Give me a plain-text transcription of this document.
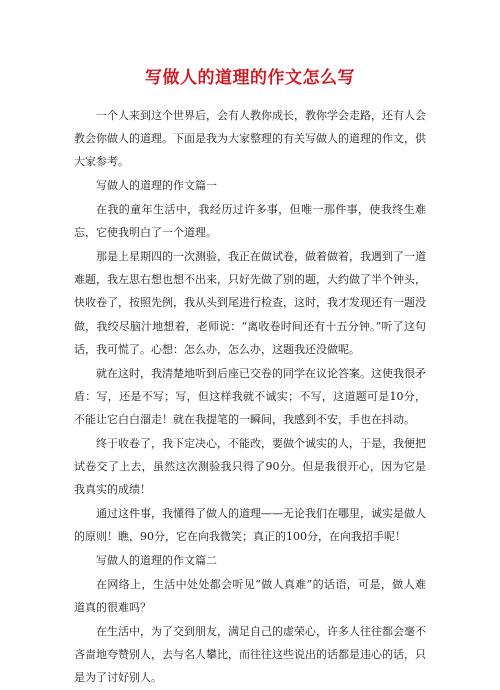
写做人的道理的作文怎么写

一个人来到这个世界后，会有人教你成长，教你学会走路，还有人会教会你做人的道理。下面是我为大家整理的有关写做人的道理的作文，供大家参考。

写做人的道理的作文篇一

在我的童年生活中，我经历过许多事，但唯一那件事，使我终生难忘，它使我明白了一个道理。

那是上星期四的一次测验，我正在做试卷，做着做着，我遇到了一道难题，我左思右想也想不出来，只好先做了别的题，大约做了半个钟头，快收卷了，按照先例，我从头到尾进行检查，这时，我才发现还有一题没做，我绞尽脑汁地想着，老师说：“离收卷时间还有十五分钟。”听了这句话，我可慌了。心想：怎么办，怎么办，这题我还没做呢。

就在这时，我清楚地听到后座已交卷的同学在议论答案。这使我很矛盾：写，还是不写；写，但这样我就不诚实；不写，这道题可是10分，不能让它白白溜走！就在我提笔的一瞬间，我感到不安，手也在抖动。

终于收卷了，我下定决心，不能改，要做个诚实的人，于是，我便把试卷交了上去，虽然这次测验我只得了90分。但是我很开心，因为它是我真实的成绩！

通过这件事，我懂得了做人的道理——无论我们在哪里，诚实是做人的原则！瞧，90分，它在向我微笑；真正的100分，在向我招手呢！

写做人的道理的作文篇二

在网络上，生活中处处都会听见“做人真难”的话语，可是，做人难道真的很难吗？

在生活中，为了交到朋友，满足自己的虚荣心，许多人往往都会毫不吝啬地夸赞别人，去与名人攀比，而往往这些说出的话都是违心的话，只是为了讨好别人。
